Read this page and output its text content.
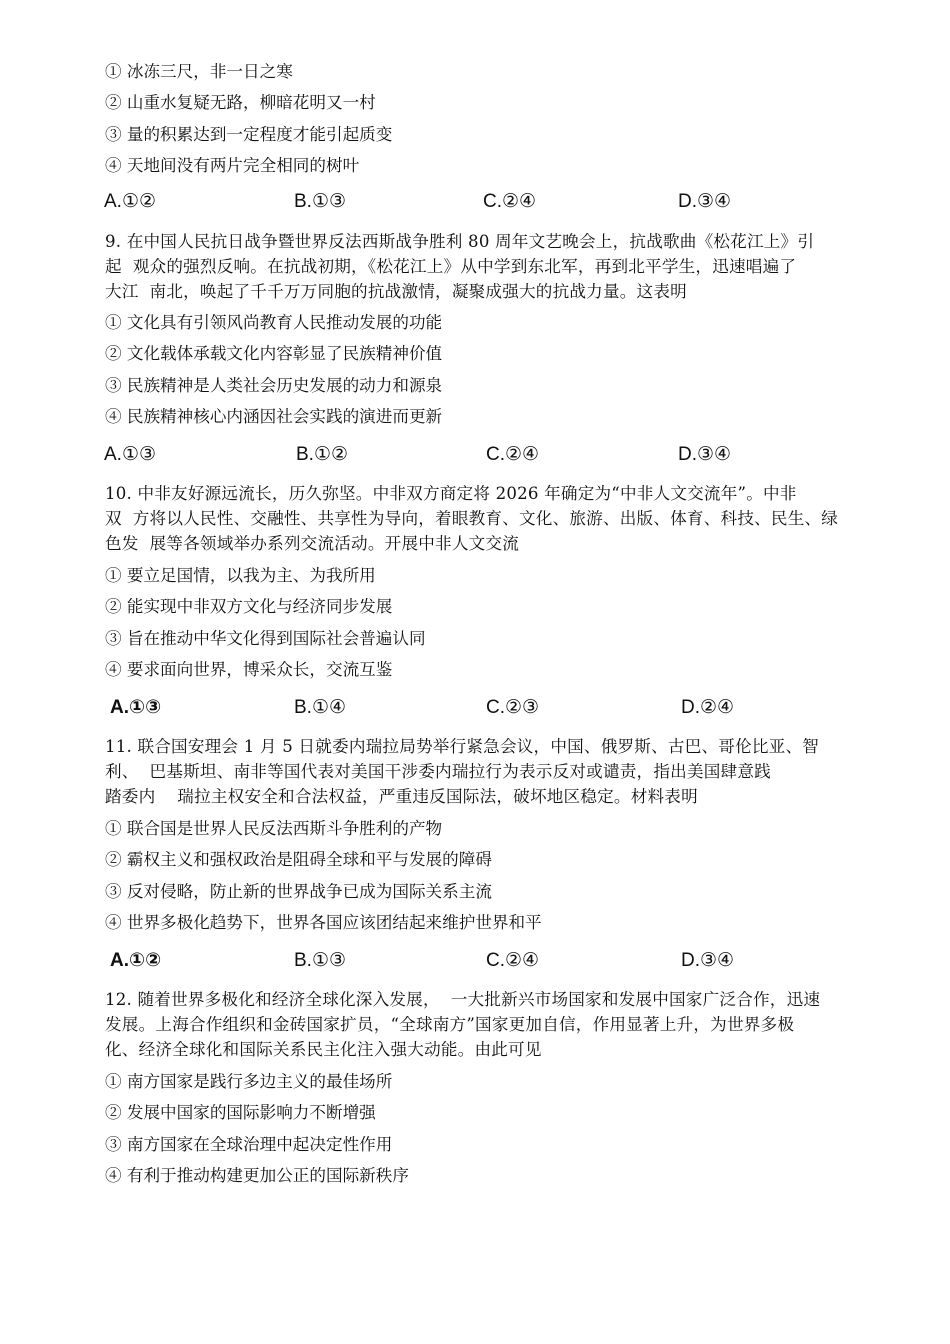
① 冰冻三尺，非一日之寒
② 山重水复疑无路，柳暗花明又一村
③ 量的积累达到一定程度才能引起质变
④ 天地间没有两片完全相同的树叶
A.①②	B.①③	C.②④	D.③④
9. 在中国人民抗日战争暨世界反法西斯战争胜利 80 周年文艺晚会上，抗战歌曲《松花江上》引
起  观众的强烈反响。在抗战初期，《松花江上》从中学到东北军，再到北平学生，迅速唱遍了
大江  南北，唤起了千千万万同胞的抗战激情，凝聚成强大的抗战力量。这表明
① 文化具有引领风尚教育人民推动发展的功能
② 文化载体承载文化内容彰显了民族精神价值
③ 民族精神是人类社会历史发展的动力和源泉
④ 民族精神核心内涵因社会实践的演进而更新
A.①③	B.①②	C.②④	D.③④
10. 中非友好源远流长，历久弥坚。中非双方商定将 2026 年确定为“中非人文交流年”。中非
双  方将以人民性、交融性、共享性为导向，着眼教育、文化、旅游、出版、体育、科技、民生、绿
色发  展等各领域举办系列交流活动。开展中非人文交流
① 要立足国情，以我为主、为我所用
② 能实现中非双方文化与经济同步发展
③ 旨在推动中华文化得到国际社会普遍认同
④ 要求面向世界，博采众长，交流互鉴
A.①③	B.①④	C.②③	D.②④
11. 联合国安理会 1 月 5 日就委内瑞拉局势举行紧急会议，中国、俄罗斯、古巴、哥伦比亚、智
利、  巴基斯坦、南非等国代表对美国干涉委内瑞拉行为表示反对或谴责，指出美国肆意践
踏委内    瑞拉主权安全和合法权益，严重违反国际法，破坏地区稳定。材料表明
① 联合国是世界人民反法西斯斗争胜利的产物
② 霸权主义和强权政治是阻碍全球和平与发展的障碍
③ 反对侵略，防止新的世界战争已成为国际关系主流
④ 世界多极化趋势下，世界各国应该团结起来维护世界和平
A.①②	B.①③	C.②④	D.③④
12. 随着世界多极化和经济全球化深入发展，  一大批新兴市场国家和发展中国家广泛合作，迅速
发展。上海合作组织和金砖国家扩员，“全球南方”国家更加自信，作用显著上升，为世界多极
化、经济全球化和国际关系民主化注入强大动能。由此可见
① 南方国家是践行多边主义的最佳场所
② 发展中国家的国际影响力不断增强
③ 南方国家在全球治理中起决定性作用
④ 有利于推动构建更加公正的国际新秩序
